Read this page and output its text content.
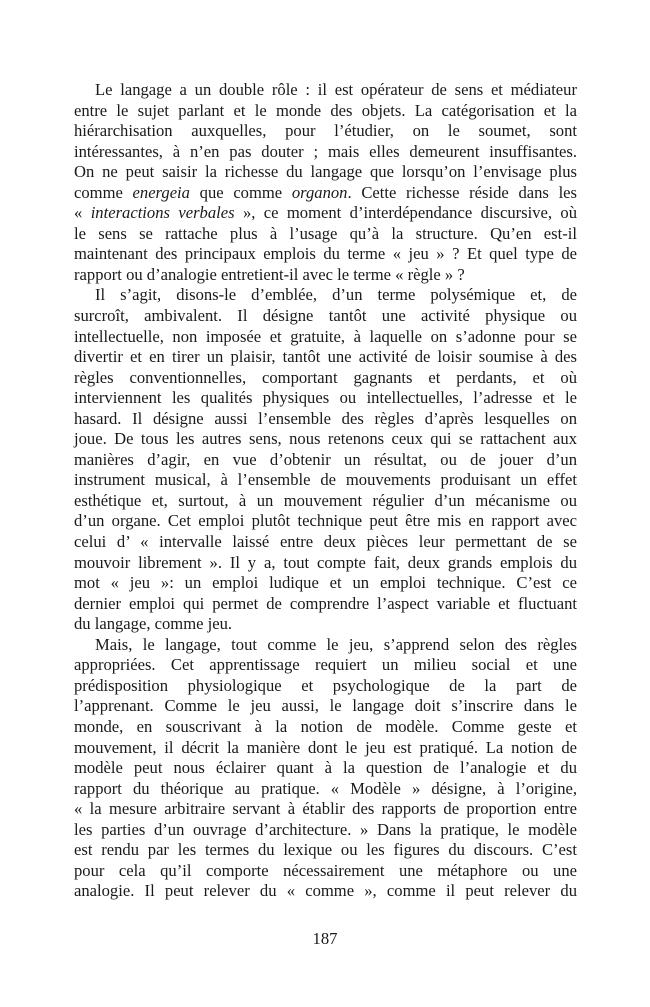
Le langage a un double rôle : il est opérateur de sens et médiateur
entre le sujet parlant et le monde des objets. La catégorisation et la
hiérarchisation auxquelles, pour l’étudier, on le soumet, sont
intéressantes, à n’en pas douter ; mais elles demeurent insuffisantes.
On ne peut saisir la richesse du langage que lorsqu’on l’envisage plus
comme energeia que comme organon. Cette richesse réside dans les
« interactions verbales », ce moment d’interdépendance discursive, où
le sens se rattache plus à l’usage qu’à la structure. Qu’en est-il
maintenant des principaux emplois du terme « jeu » ? Et quel type de
rapport ou d’analogie entretient-il avec le terme « règle » ?
Il s’agit, disons-le d’emblée, d’un terme polysémique et, de
surcroît, ambivalent. Il désigne tantôt une activité physique ou
intellectuelle, non imposée et gratuite, à laquelle on s’adonne pour se
divertir et en tirer un plaisir, tantôt une activité de loisir soumise à des
règles conventionnelles, comportant gagnants et perdants, et où
interviennent les qualités physiques ou intellectuelles, l’adresse et le
hasard. Il désigne aussi l’ensemble des règles d’après lesquelles on
joue. De tous les autres sens, nous retenons ceux qui se rattachent aux
manières d’agir, en vue d’obtenir un résultat, ou de jouer d’un
instrument musical, à l’ensemble de mouvements produisant un effet
esthétique et, surtout, à un mouvement régulier d’un mécanisme ou
d’un organe. Cet emploi plutôt technique peut être mis en rapport avec
celui d’ « intervalle laissé entre deux pièces leur permettant de se
mouvoir librement ». Il y a, tout compte fait, deux grands emplois du
mot « jeu »: un emploi ludique et un emploi technique. C’est ce
dernier emploi qui permet de comprendre l’aspect variable et fluctuant
du langage, comme jeu.
Mais, le langage, tout comme le jeu, s’apprend selon des règles
appropriées. Cet apprentissage requiert un milieu social et une
prédisposition physiologique et psychologique de la part de
l’apprenant. Comme le jeu aussi, le langage doit s’inscrire dans le
monde, en souscrivant à la notion de modèle. Comme geste et
mouvement, il décrit la manière dont le jeu est pratiqué. La notion de
modèle peut nous éclairer quant à la question de l’analogie et du
rapport du théorique au pratique. « Modèle » désigne, à l’origine,
« la mesure arbitraire servant à établir des rapports de proportion entre
les parties d’un ouvrage d’architecture. » Dans la pratique, le modèle
est rendu par les termes du lexique ou les figures du discours. C’est
pour cela qu’il comporte nécessairement une métaphore ou une
analogie. Il peut relever du « comme », comme il peut relever du
187
